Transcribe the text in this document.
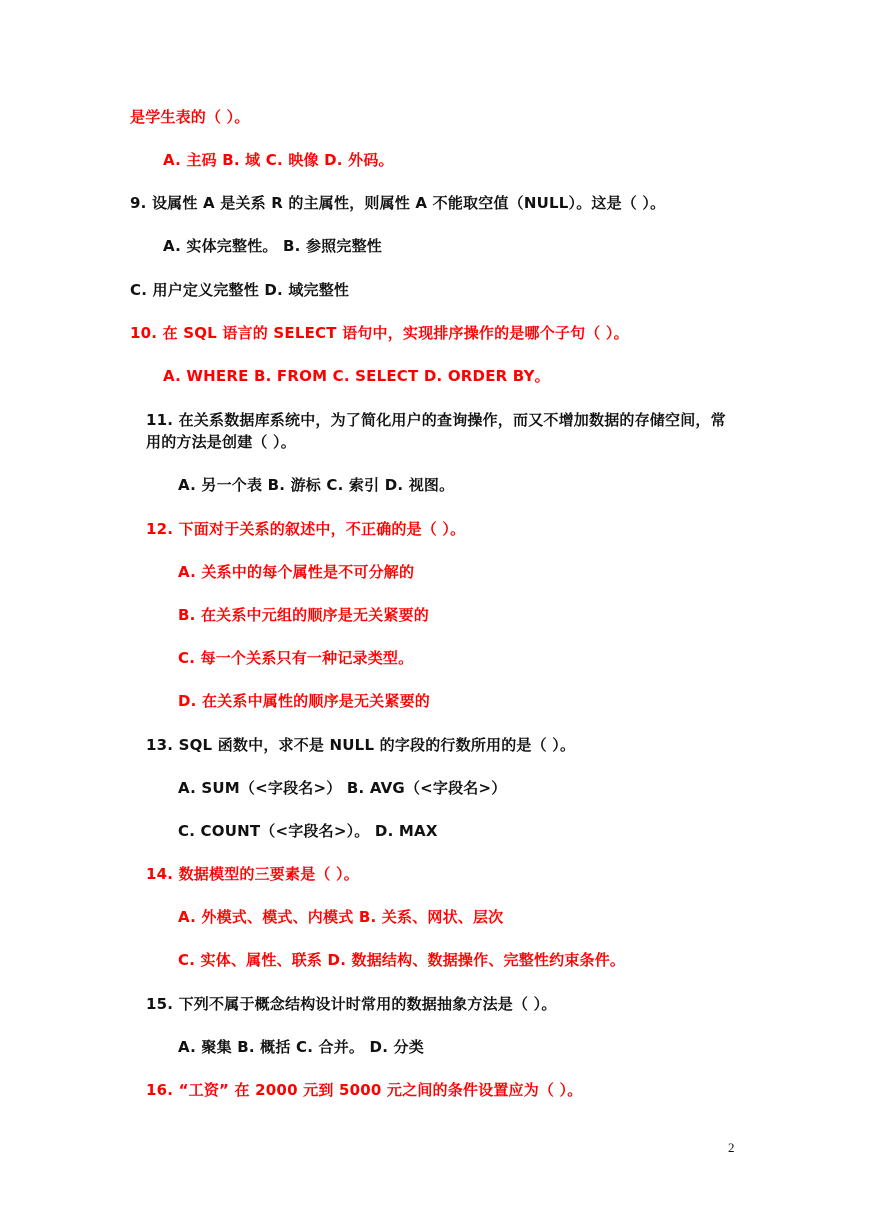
是学生表的（ ）。
A. 主码 B. 域 C. 映像 D. 外码。
9. 设属性 A 是关系 R 的主属性，则属性 A 不能取空值（NULL）。这是（ ）。
A. 实体完整性。 B. 参照完整性
C. 用户定义完整性 D. 域完整性
10. 在 SQL 语言的 SELECT 语句中，实现排序操作的是哪个子句（ ）。
A. WHERE B. FROM C. SELECT D. ORDER BY。
11. 在关系数据库系统中，为了简化用户的查询操作，而又不增加数据的存储空间，常
用的方法是创建（ ）。
A. 另一个表 B. 游标 C. 索引 D. 视图。
12. 下面对于关系的叙述中，不正确的是（ ）。
A. 关系中的每个属性是不可分解的
B. 在关系中元组的顺序是无关紧要的
C. 每一个关系只有一种记录类型。
D. 在关系中属性的顺序是无关紧要的
13. SQL 函数中，求不是 NULL 的字段的行数所用的是（ ）。
A. SUM（<字段名>） B. AVG（<字段名>）
C. COUNT（<字段名>）。 D. MAX
14. 数据模型的三要素是（ ）。
A. 外模式、模式、内模式 B. 关系、网状、层次
C. 实体、属性、联系 D. 数据结构、数据操作、完整性约束条件。
15. 下列不属于概念结构设计时常用的数据抽象方法是（ ）。
A. 聚集 B. 概括 C. 合并。 D. 分类
16. “工资” 在 2000 元到 5000 元之间的条件设置应为（ ）。
2
